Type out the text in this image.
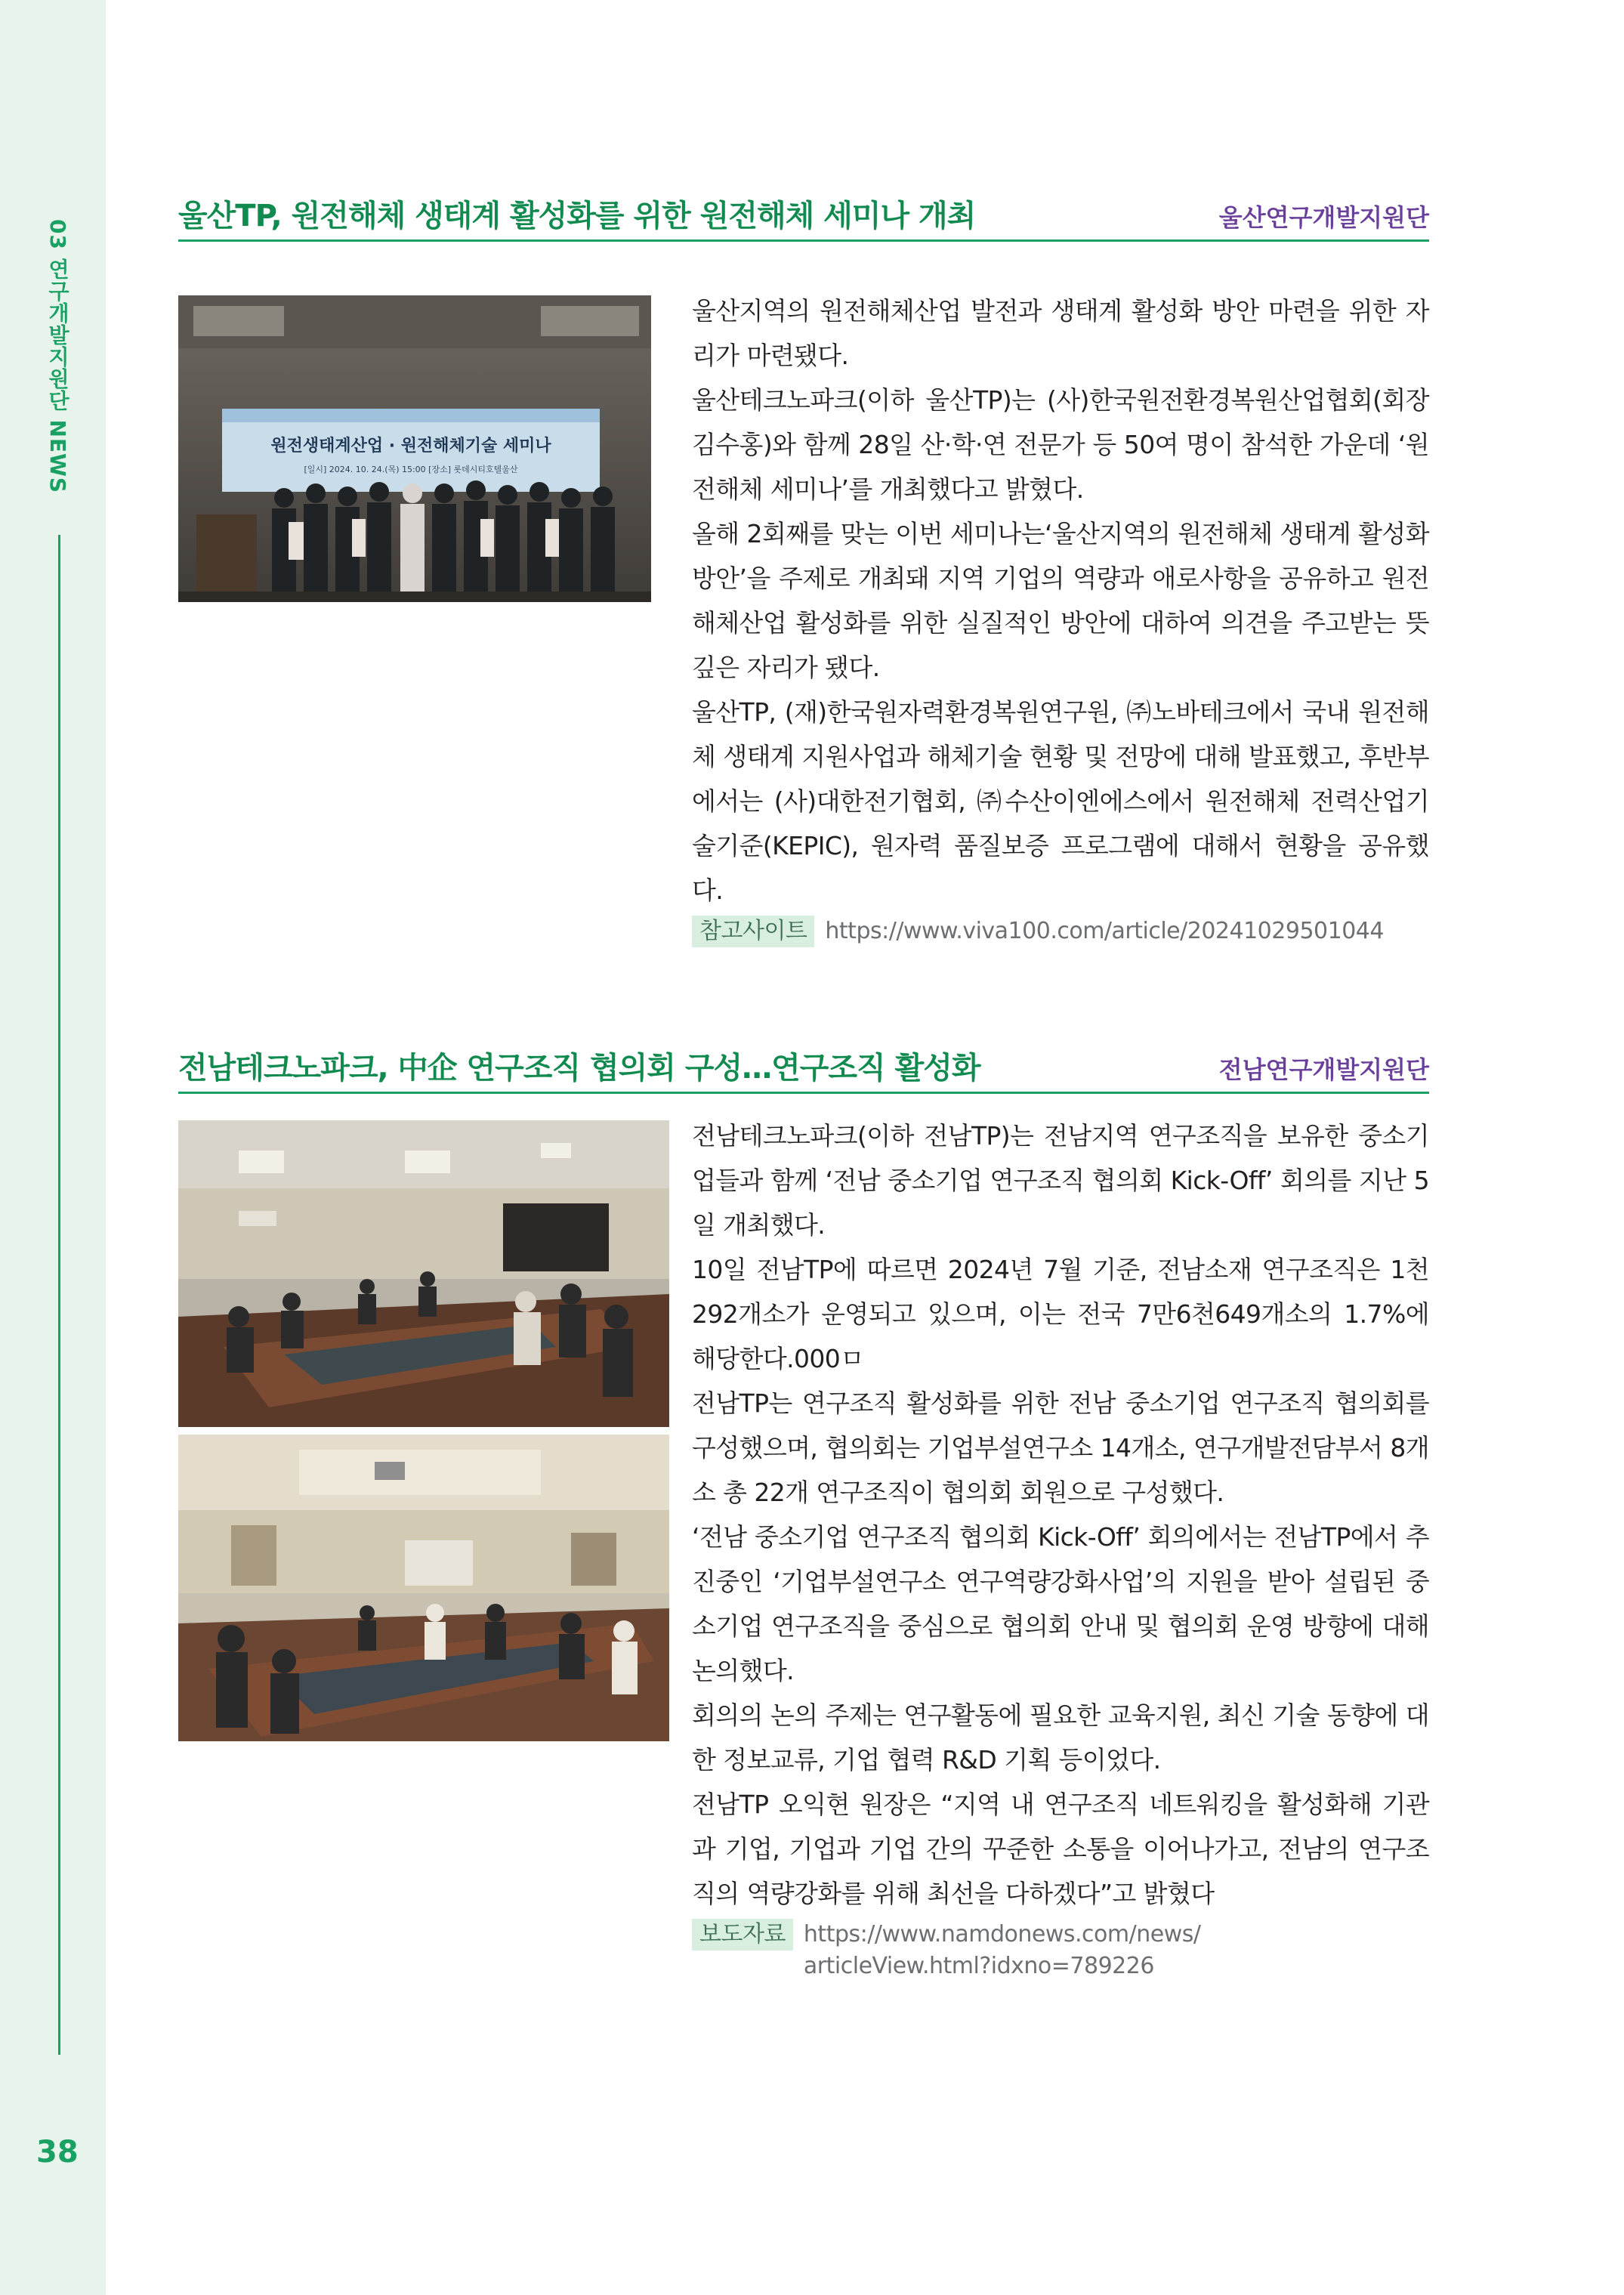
03 연구개발지원단 NEWS
38
울산TP, 원전해체 생태계 활성화를 위한 원전해체 세미나 개최	울산연구개발지원단
원전생태계산업 · 원전해체기술 세미나
[일시] 2024. 10. 24.(목) 15:00 [장소] 롯데시티호텔울산

울산지역의 원전해체산업 발전과 생태계 활성화 방안 마련을 위한 자리가 마련됐다.

울산테크노파크(이하 울산TP)는 (사)한국원전환경복원산업협회(회장 김수홍)와 함께 28일 산·학·연 전문가 등 50여 명이 참석한 가운데 ‘원전해체 세미나’를 개최했다고 밝혔다.

올해 2회째를 맞는 이번 세미나는‘울산지역의 원전해체 생태계 활성화 방안’을 주제로 개최돼 지역 기업의 역량과 애로사항을 공유하고 원전해체산업 활성화를 위한 실질적인 방안에 대하여 의견을 주고받는 뜻깊은 자리가 됐다.

울산TP, (재)한국원자력환경복원연구원, ㈜노바테크에서 국내 원전해체 생태계 지원사업과 해체기술 현황 및 전망에 대해 발표했고, 후반부에서는 (사)대한전기협회, ㈜수산이엔에스에서 원전해체 전력산업기술기준(KEPIC), 원자력 품질보증 프로그램에 대해서 현황을 공유했다.

참고사이트 https://www.viva100.com/article/20241029501044
전남테크노파크, 中企 연구조직 협의회 구성…연구조직 활성화	전남연구개발지원단

전남테크노파크(이하 전남TP)는 전남지역 연구조직을 보유한 중소기업들과 함께 ‘전남 중소기업 연구조직 협의회 Kick-Off’ 회의를 지난 5일 개최했다.

10일 전남TP에 따르면 2024년 7월 기준, 전남소재 연구조직은 1천292개소가 운영되고 있으며, 이는 전국 7만6천649개소의 1.7%에 해당한다.000ㅁ

전남TP는 연구조직 활성화를 위한 전남 중소기업 연구조직 협의회를 구성했으며, 협의회는 기업부설연구소 14개소, 연구개발전담부서 8개소 총 22개 연구조직이 협의회 회원으로 구성했다.

‘전남 중소기업 연구조직 협의회 Kick-Off’ 회의에서는 전남TP에서 추진중인 ‘기업부설연구소 연구역량강화사업’의 지원을 받아 설립된 중소기업 연구조직을 중심으로 협의회 안내 및 협의회 운영 방향에 대해 논의했다.

회의의 논의 주제는 연구활동에 필요한 교육지원, 최신 기술 동향에 대한 정보교류, 기업 협력 R&D 기획 등이었다.

전남TP 오익현 원장은 “지역 내 연구조직 네트워킹을 활성화해 기관과 기업, 기업과 기업 간의 꾸준한 소통을 이어나가고, 전남의 연구조직의 역량강화를 위해 최선을 다하겠다”고 밝혔다

보도자료 https://www.namdonews.com/news/
articleView.html?idxno=789226
